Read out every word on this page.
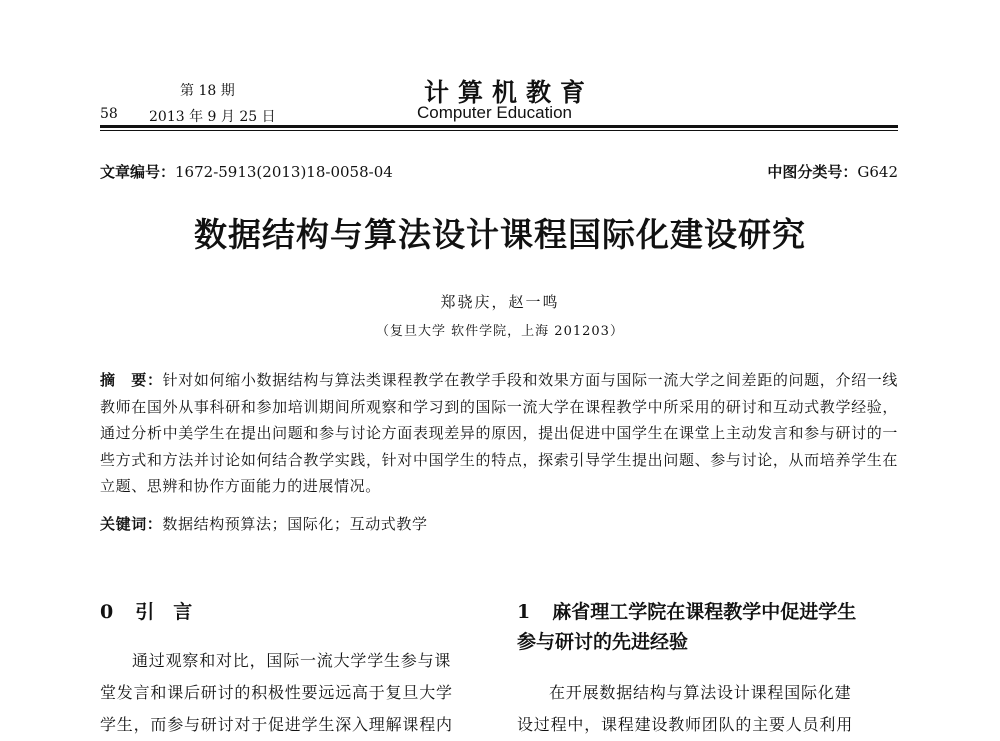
第 18 期
58 2013 年 9 月 25 日
计算机教育
Computer Education
文章编号：1672-5913(2013)18-0058-04	中图分类号：G642
数据结构与算法设计课程国际化建设研究
郑骁庆，赵一鸣
（复旦大学 软件学院，上海 201203）
摘　要：针对如何缩小数据结构与算法类课程教学在教学手段和效果方面与国际一流大学之间差距的问题，介绍一线教师在国外从事科研和参加培训期间所观察和学习到的国际一流大学在课程教学中所采用的研讨和互动式教学经验，通过分析中美学生在提出问题和参与讨论方面表现差异的原因，提出促进中国学生在课堂上主动发言和参与研讨的一些方式和方法并讨论如何结合教学实践，针对中国学生的特点，探索引导学生提出问题、参与讨论，从而培养学生在立题、思辨和协作方面能力的进展情况。
关键词：数据结构预算法；国际化；互动式教学
0 引　言
通过观察和对比，国际一流大学学生参与课
堂发言和课后研讨的积极性要远远高于复旦大学
学生，而参与研讨对于促进学生深入理解课程内
1 麻省理工学院在课程教学中促进学生
参与研讨的先进经验
在开展数据结构与算法设计课程国际化建
设过程中，课程建设教师团队的主要人员利用
